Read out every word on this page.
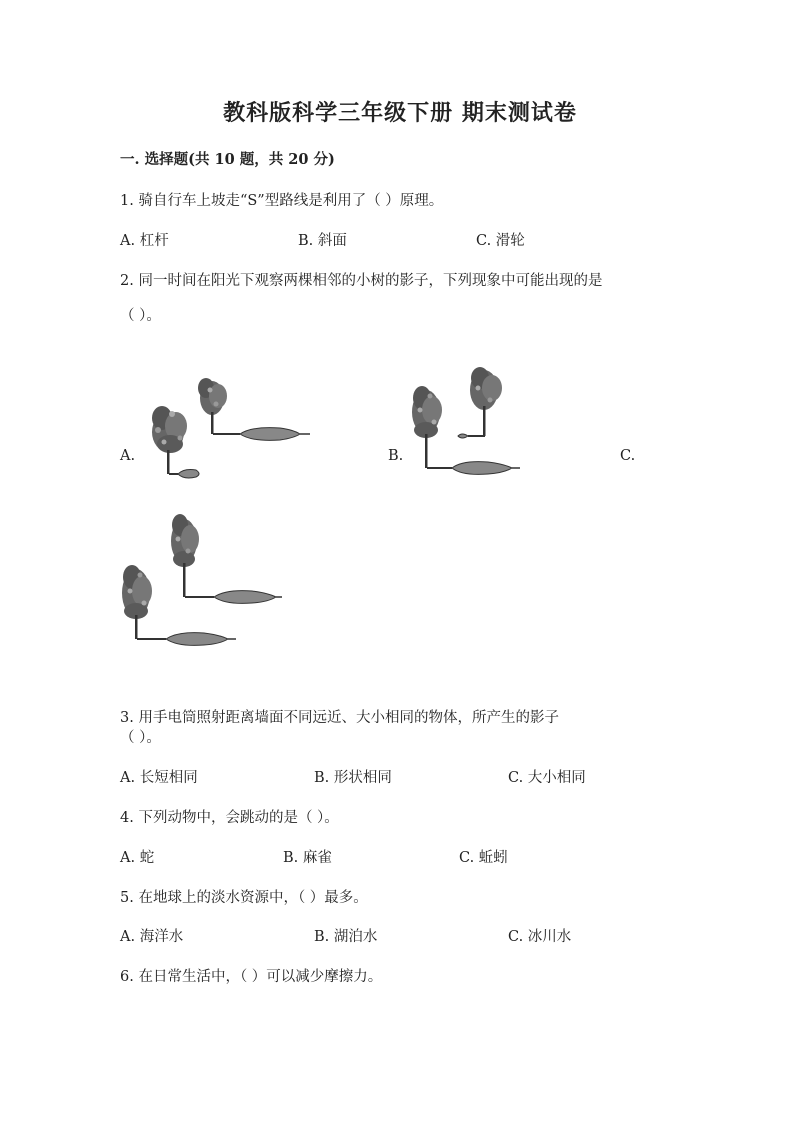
教科版科学三年级下册 期末测试卷
一. 选择题(共 10 题，共 20 分)
1. 骑自行车上坡走“S”型路线是利用了（ ）原理。
A. 杠杆	B. 斜面	C. 滑轮
2. 同一时间在阳光下观察两棵相邻的小树的影子，下列现象中可能出现的是
（ ）。
A.	B.	C.
3. 用手电筒照射距离墙面不同远近、大小相同的物体，所产生的影子
（ ）。
A. 长短相同	B. 形状相同	C. 大小相同
4. 下列动物中，会跳动的是（ ）。
A. 蛇	B. 麻雀	C. 蚯蚓
5. 在地球上的淡水资源中，（ ）最多。
A. 海洋水	B. 湖泊水	C. 冰川水
6. 在日常生活中，（ ）可以减少摩擦力。
